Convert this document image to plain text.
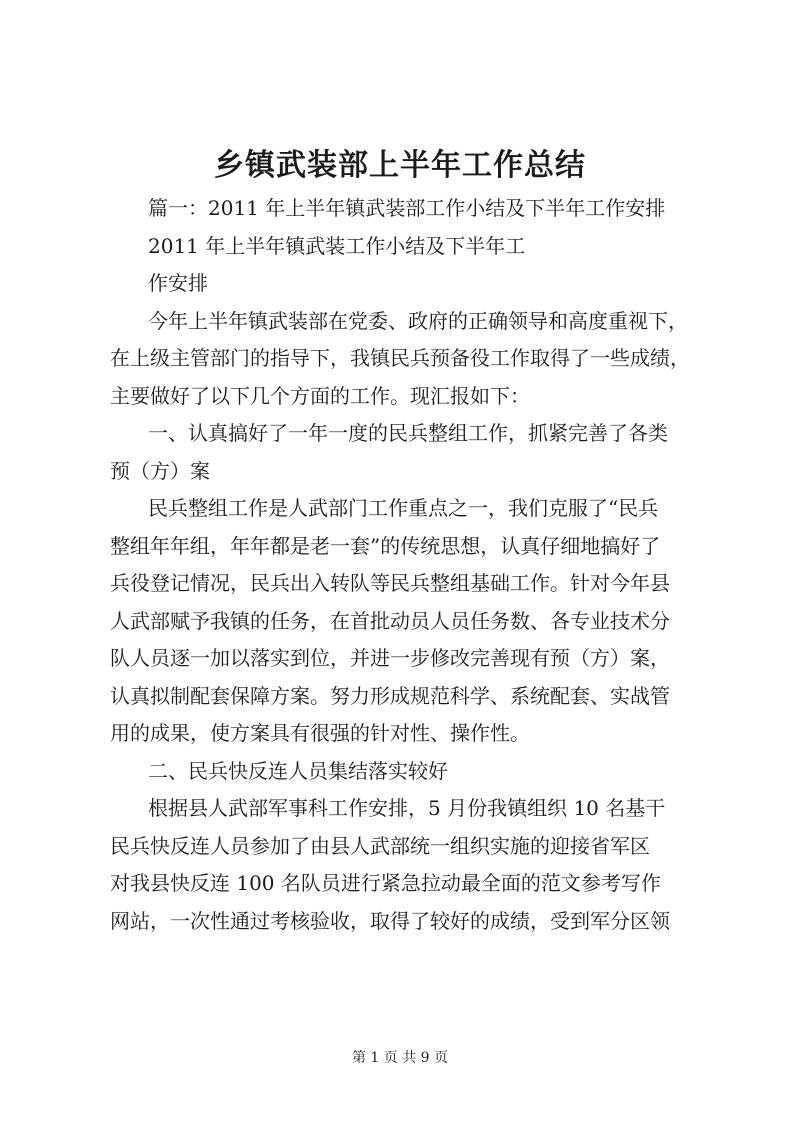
乡镇武装部上半年工作总结

篇一：2011 年上半年镇武装部工作小结及下半年工作安排

2011 年上半年镇武装工作小结及下半年工

作安排

今年上半年镇武装部在党委、政府的正确领导和高度重视下，

在上级主管部门的指导下，我镇民兵预备役工作取得了一些成绩，
主要做好了以下几个方面的工作。现汇报如下：

一、认真搞好了一年一度的民兵整组工作，抓紧完善了各类

预（方）案

民兵整组工作是人武部门工作重点之一，我们克服了“民兵

整组年年组，年年都是老一套”的传统思想，认真仔细地搞好了
兵役登记情况，民兵出入转队等民兵整组基础工作。针对今年县
人武部赋予我镇的任务，在首批动员人员任务数、各专业技术分
队人员逐一加以落实到位，并进一步修改完善现有预（方）案，
认真拟制配套保障方案。努力形成规范科学、系统配套、实战管
用的成果，使方案具有很强的针对性、操作性。

二、民兵快反连人员集结落实较好

根据县人武部军事科工作安排，5 月份我镇组织 10 名基干

民兵快反连人员参加了由县人武部统一组织实施的迎接省军区
对我县快反连 100 名队员进行紧急拉动最全面的范文参考写作
网站，一次性通过考核验收，取得了较好的成绩，受到军分区领

第 1 页 共 9 页
